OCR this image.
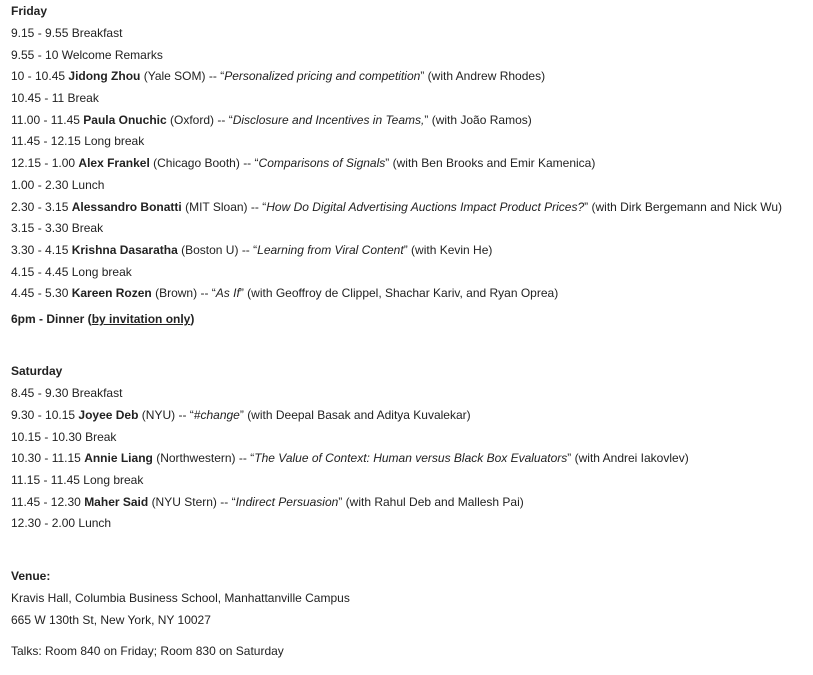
Friday
9.15 - 9.55 Breakfast
9.55 - 10 Welcome Remarks
10 - 10.45 Jidong Zhou (Yale SOM) -- “Personalized pricing and competition” (with Andrew Rhodes)
10.45 - 11 Break
11.00 - 11.45 Paula Onuchic (Oxford) -- “Disclosure and Incentives in Teams,” (with João Ramos)
11.45 - 12.15 Long break
12.15 - 1.00 Alex Frankel (Chicago Booth) -- “Comparisons of Signals” (with Ben Brooks and Emir Kamenica)
1.00 - 2.30 Lunch
2.30 - 3.15 Alessandro Bonatti (MIT Sloan) -- “How Do Digital Advertising Auctions Impact Product Prices?” (with Dirk Bergemann and Nick Wu)
3.15 - 3.30 Break
3.30 - 4.15 Krishna Dasaratha (Boston U) -- “Learning from Viral Content” (with Kevin He)
4.15 - 4.45 Long break
4.45 - 5.30 Kareen Rozen (Brown) -- “As If” (with Geoffroy de Clippel, Shachar Kariv, and Ryan Oprea)
6pm - Dinner (by invitation only)
Saturday
8.45 - 9.30 Breakfast
9.30 - 10.15 Joyee Deb (NYU) -- “#change” (with Deepal Basak and Aditya Kuvalekar)
10.15 - 10.30 Break
10.30 - 11.15 Annie Liang (Northwestern) -- “The Value of Context: Human versus Black Box Evaluators” (with Andrei Iakovlev)
11.15 - 11.45 Long break
11.45 - 12.30 Maher Said (NYU Stern) -- “Indirect Persuasion” (with Rahul Deb and Mallesh Pai)
12.30 - 2.00 Lunch
Venue:
Kravis Hall, Columbia Business School, Manhattanville Campus
665 W 130th St, New York, NY 10027
Talks: Room 840 on Friday; Room 830 on Saturday
